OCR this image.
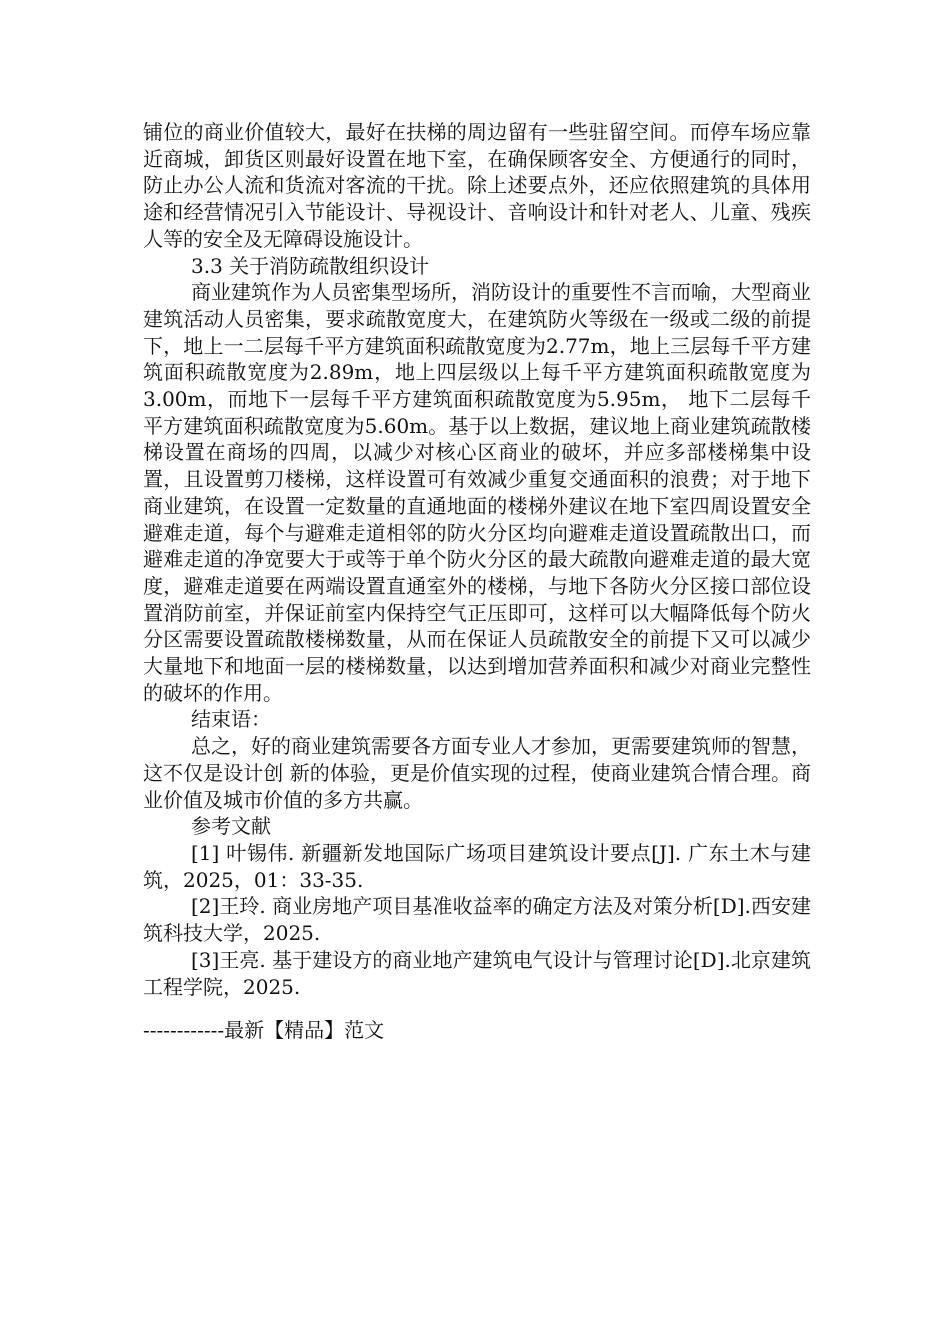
铺位的商业价值较大，最好在扶梯的周边留有一些驻留空间。而停车场应靠近商城，卸货区则最好设置在地下室，在确保顾客安全、方便通行的同时，防止办公人流和货流对客流的干扰。除上述要点外，还应依照建筑的具体用途和经营情况引入节能设计、导视设计、音响设计和针对老人、儿童、残疾人等的安全及无障碍设施设计。

3.3 关于消防疏散组织设计

商业建筑作为人员密集型场所，消防设计的重要性不言而喻，大型商业建筑活动人员密集，要求疏散宽度大，在建筑防火等级在一级或二级的前提下，地上一二层每千平方建筑面积疏散宽度为2.77m，地上三层每千平方建筑面积疏散宽度为2.89m，地上四层级以上每千平方建筑面积疏散宽度为3.00m，而地下一层每千平方建筑面积疏散宽度为5.95m， 地下二层每千平方建筑面积疏散宽度为5.60m。基于以上数据，建议地上商业建筑疏散楼梯设置在商场的四周，以减少对核心区商业的破坏，并应多部楼梯集中设置，且设置剪刀楼梯，这样设置可有效减少重复交通面积的浪费；对于地下商业建筑，在设置一定数量的直通地面的楼梯外建议在地下室四周设置安全避难走道，每个与避难走道相邻的防火分区均向避难走道设置疏散出口，而避难走道的净宽要大于或等于单个防火分区的最大疏散向避难走道的最大宽度，避难走道要在两端设置直通室外的楼梯，与地下各防火分区接口部位设置消防前室，并保证前室内保持空气正压即可，这样可以大幅降低每个防火分区需要设置疏散楼梯数量，从而在保证人员疏散安全的前提下又可以减少大量地下和地面一层的楼梯数量，以达到增加营养面积和减少对商业完整性的破坏的作用。

结束语：

总之，好的商业建筑需要各方面专业人才参加，更需要建筑师的智慧，这不仅是设计创 新的体验，更是价值实现的过程，使商业建筑合情合理。商业价值及城市价值的多方共赢。

参考文献

[1] 叶锡伟. 新疆新发地国际广场项目建筑设计要点[J]. 广东土木与建筑，2025，01：33-35.

[2]王玲. 商业房地产项目基准收益率的确定方法及对策分析[D].西安建筑科技大学，2025.

[3]王亮. 基于建设方的商业地产建筑电气设计与管理讨论[D].北京建筑工程学院，2025.

------------最新【精品】范文
